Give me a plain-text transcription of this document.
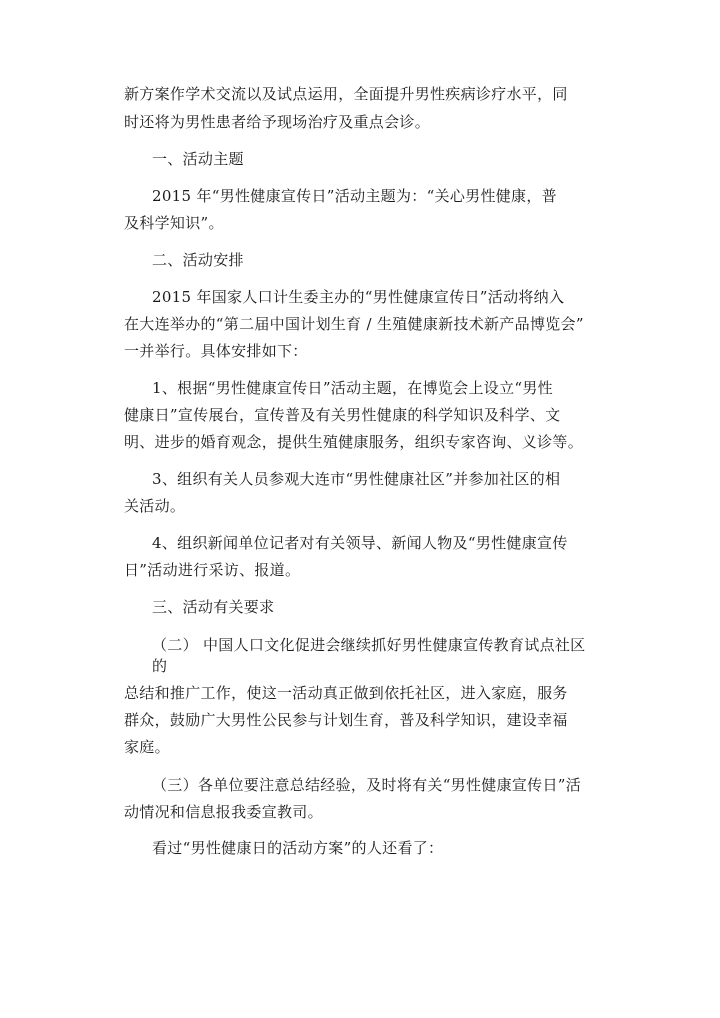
新方案作学术交流以及试点运用，全面提升男性疾病诊疗水平，同
时还将为男性患者给予现场治疗及重点会诊。
一、活动主题
2015 年“男性健康宣传日”活动主题为：“关心男性健康，普
及科学知识”。
二、活动安排
2015 年国家人口计生委主办的“男性健康宣传日”活动将纳入
在大连举办的“第二届中国计划生育 / 生殖健康新技术新产品博览会”
一并举行。具体安排如下：
1、根据“男性健康宣传日”活动主题，在博览会上设立“男性
健康日”宣传展台，宣传普及有关男性健康的科学知识及科学、文
明、进步的婚育观念，提供生殖健康服务，组织专家咨询、义诊等。
3、组织有关人员参观大连市“男性健康社区”并参加社区的相
关活动。
4、组织新闻单位记者对有关领导、新闻人物及“男性健康宣传
日”活动进行采访、报道。
三、活动有关要求
（二） 中国人口文化促进会继续抓好男性健康宣传教育试点社区
的
总结和推广工作，使这一活动真正做到依托社区，进入家庭，服务
群众，鼓励广大男性公民参与计划生育，普及科学知识，建设幸福
家庭。
（三）各单位要注意总结经验，及时将有关“男性健康宣传日”活
动情况和信息报我委宣教司。
看过“男性健康日的活动方案”的人还看了：
